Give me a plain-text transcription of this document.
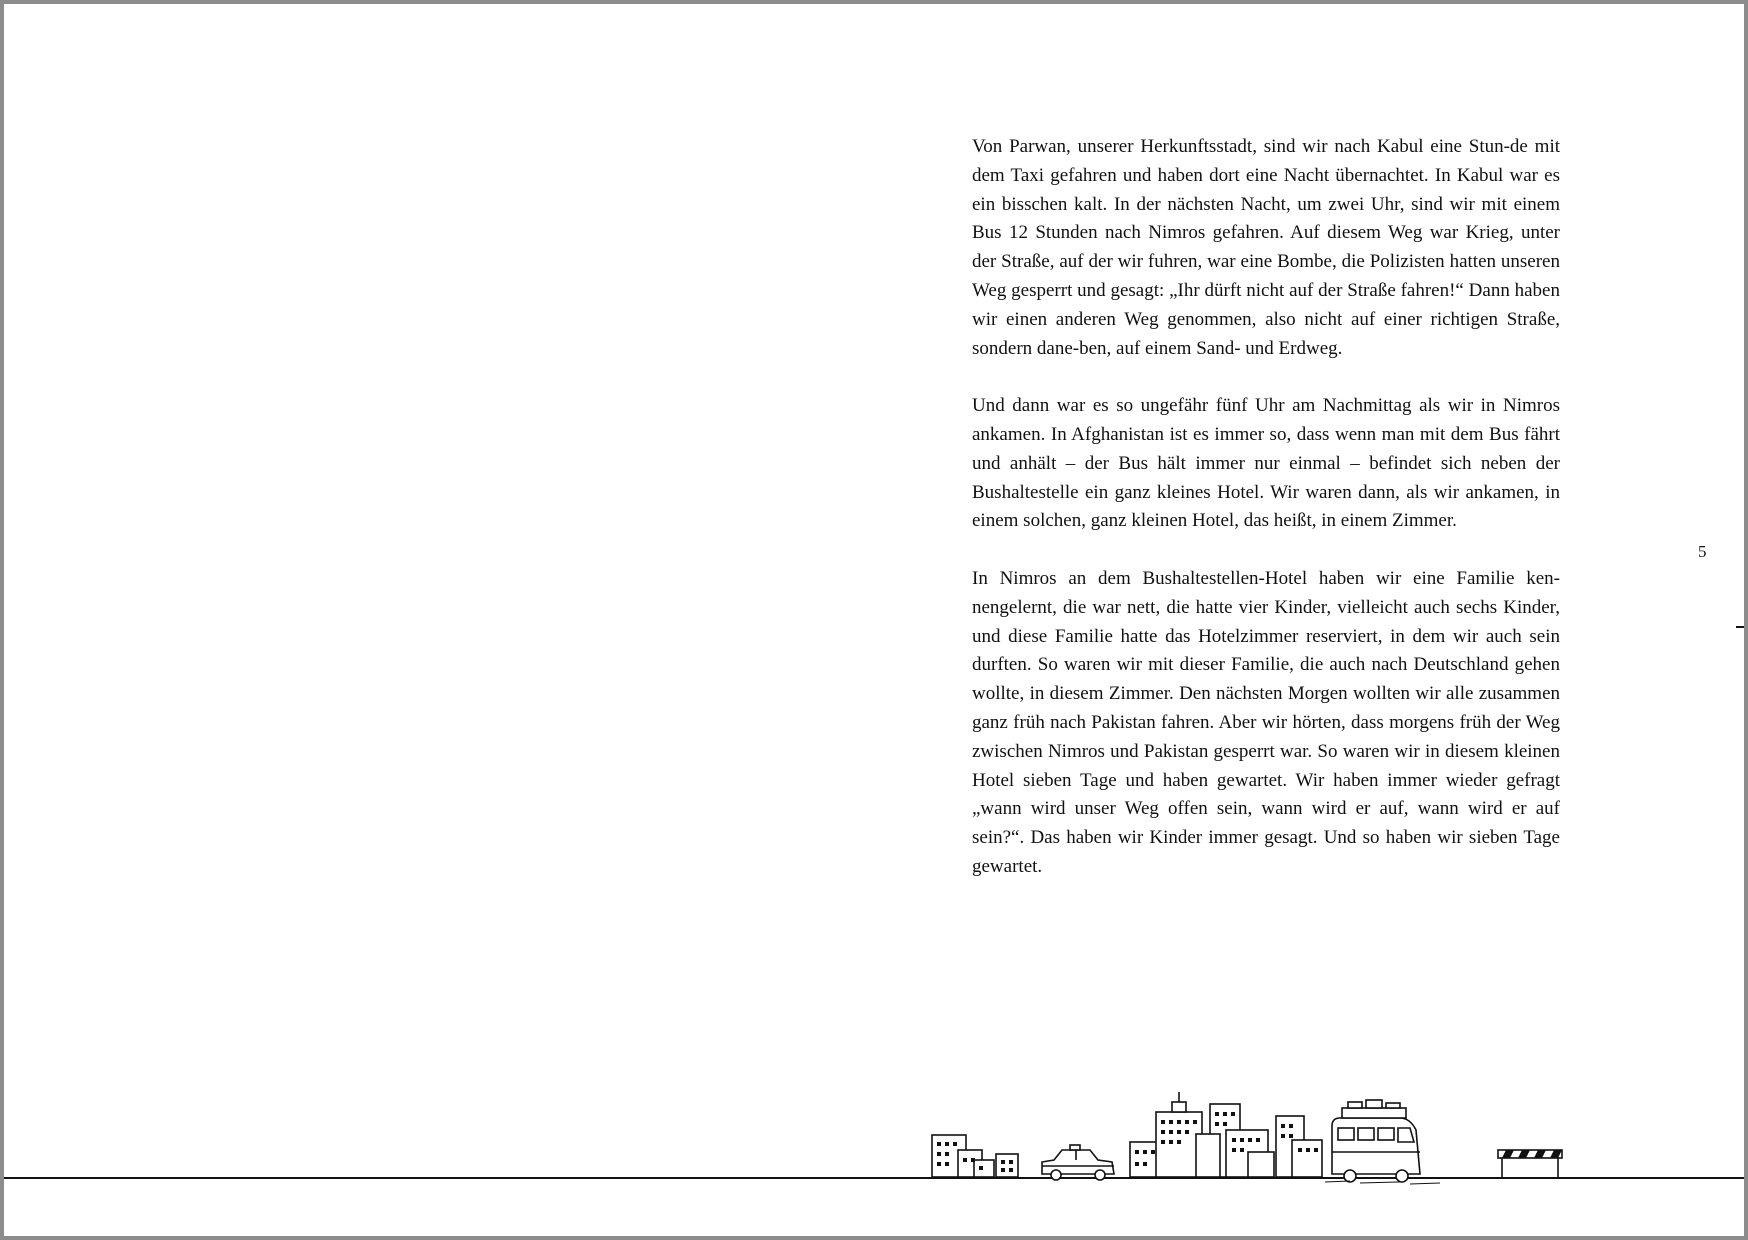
Von Parwan, unserer Herkunftsstadt, sind wir nach Kabul eine Stun-de mit dem Taxi gefahren und haben dort eine Nacht übernachtet. In Kabul war es ein bisschen kalt. In der nächsten Nacht, um zwei Uhr, sind wir mit einem Bus 12 Stunden nach Nimros gefahren. Auf diesem Weg war Krieg, unter der Straße, auf der wir fuhren, war eine Bombe, die Polizisten hatten unseren Weg gesperrt und gesagt: „Ihr dürft nicht auf der Straße fahren!“ Dann haben wir einen anderen Weg genommen, also nicht auf einer richtigen Straße, sondern dane-ben, auf einem Sand- und Erdweg.

Und dann war es so ungefähr fünf Uhr am Nachmittag als wir in Nimros ankamen. In Afghanistan ist es immer so, dass wenn man mit dem Bus fährt und anhält – der Bus hält immer nur einmal – befindet sich neben der Bushaltestelle ein ganz kleines Hotel. Wir waren dann, als wir ankamen, in einem solchen, ganz kleinen Hotel, das heißt, in einem Zimmer.

In Nimros an dem Bushaltestellen-Hotel haben wir eine Familie ken-nengelernt, die war nett, die hatte vier Kinder, vielleicht auch sechs Kinder, und diese Familie hatte das Hotelzimmer reserviert, in dem wir auch sein durften. So waren wir mit dieser Familie, die auch nach Deutschland gehen wollte, in diesem Zimmer. Den nächsten Morgen wollten wir alle zusammen ganz früh nach Pakistan fahren. Aber wir hörten, dass morgens früh der Weg zwischen Nimros und Pakistan gesperrt war. So waren wir in diesem kleinen Hotel sieben Tage und haben gewartet. Wir haben immer wieder gefragt „wann wird unser Weg offen sein, wann wird er auf, wann wird er auf sein?“. Das haben wir Kinder immer gesagt. Und so haben wir sieben Tage gewartet.

5
